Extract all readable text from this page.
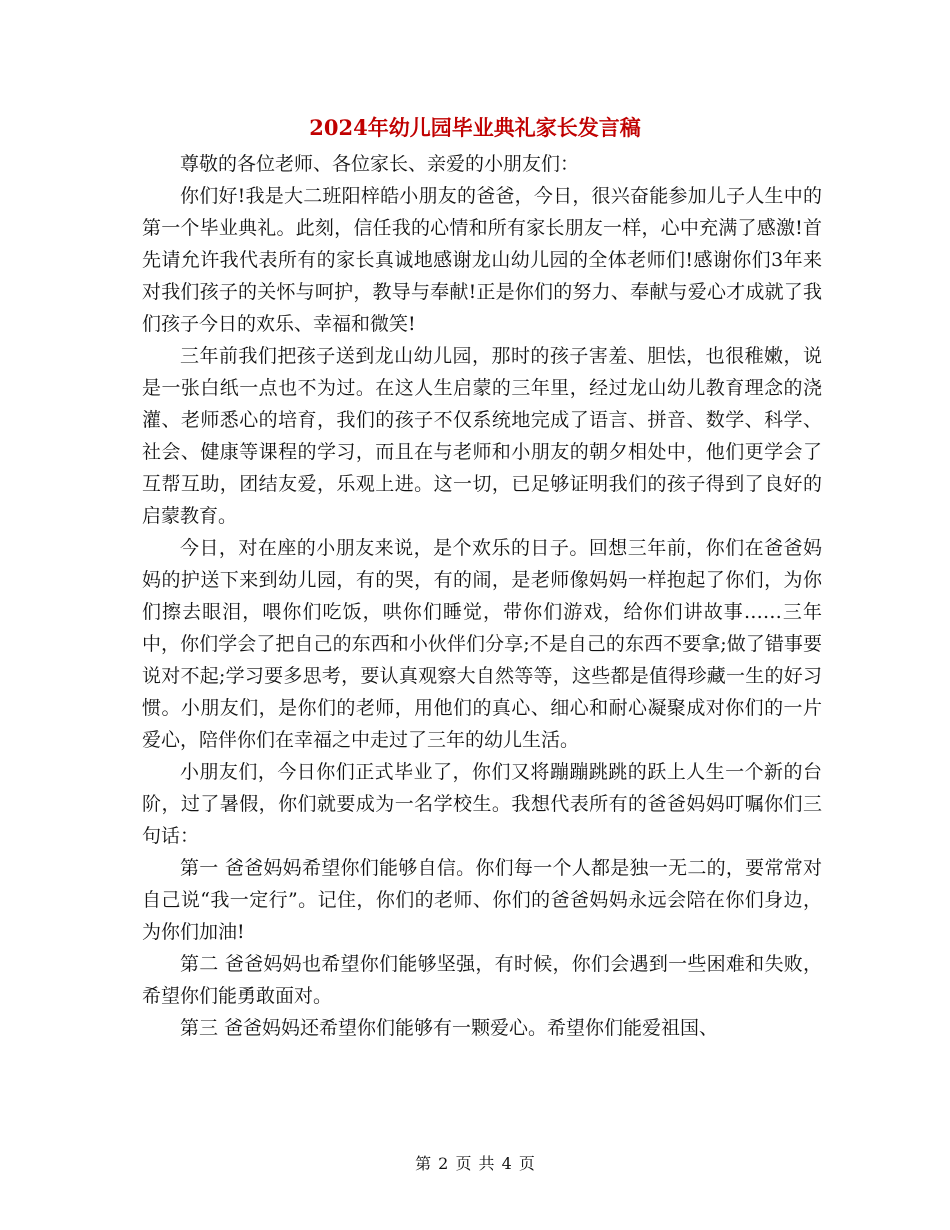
2024年幼儿园毕业典礼家长发言稿

尊敬的各位老师、各位家长、亲爱的小朋友们：

你们好!我是大二班阳梓皓小朋友的爸爸，今日，很兴奋能参加儿子人生中的第一个毕业典礼。此刻，信任我的心情和所有家长朋友一样，心中充满了感激!首先请允许我代表所有的家长真诚地感谢龙山幼儿园的全体老师们!感谢你们3年来对我们孩子的关怀与呵护，教导与奉献!正是你们的努力、奉献与爱心才成就了我们孩子今日的欢乐、幸福和微笑!

三年前我们把孩子送到龙山幼儿园，那时的孩子害羞、胆怯，也很稚嫩，说是一张白纸一点也不为过。在这人生启蒙的三年里，经过龙山幼儿教育理念的浇灌、老师悉心的培育，我们的孩子不仅系统地完成了语言、拼音、数学、科学、社会、健康等课程的学习，而且在与老师和小朋友的朝夕相处中，他们更学会了互帮互助，团结友爱，乐观上进。这一切，已足够证明我们的孩子得到了良好的启蒙教育。

今日，对在座的小朋友来说，是个欢乐的日子。回想三年前，你们在爸爸妈妈的护送下来到幼儿园，有的哭，有的闹，是老师像妈妈一样抱起了你们，为你们擦去眼泪，喂你们吃饭，哄你们睡觉，带你们游戏，给你们讲故事……三年中，你们学会了把自己的东西和小伙伴们分享;不是自己的东西不要拿;做了错事要说对不起;学习要多思考，要认真观察大自然等等，这些都是值得珍藏一生的好习惯。小朋友们，是你们的老师，用他们的真心、细心和耐心凝聚成对你们的一片爱心，陪伴你们在幸福之中走过了三年的幼儿生活。

小朋友们，今日你们正式毕业了，你们又将蹦蹦跳跳的跃上人生一个新的台阶，过了暑假，你们就要成为一名学校生。我想代表所有的爸爸妈妈叮嘱你们三句话：

第一 爸爸妈妈希望你们能够自信。你们每一个人都是独一无二的，要常常对自己说“我一定行”。记住，你们的老师、你们的爸爸妈妈永远会陪在你们身边，为你们加油!

第二 爸爸妈妈也希望你们能够坚强，有时候，你们会遇到一些困难和失败，希望你们能勇敢面对。

第三 爸爸妈妈还希望你们能够有一颗爱心。希望你们能爱祖国、

第 2 页 共 4 页
